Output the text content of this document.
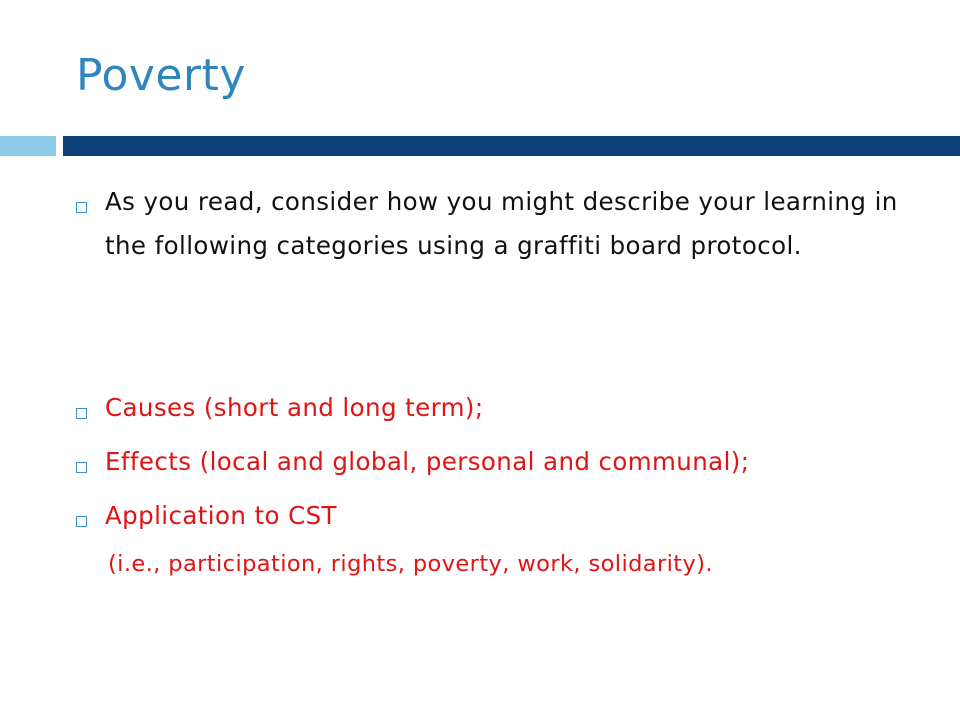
Poverty
As you read, consider how you might describe your learning in the following categories using a graffiti board protocol.
Causes (short and long term);
Effects (local and global, personal and communal);
Application to CST

(i.e., participation, rights, poverty, work, solidarity).
